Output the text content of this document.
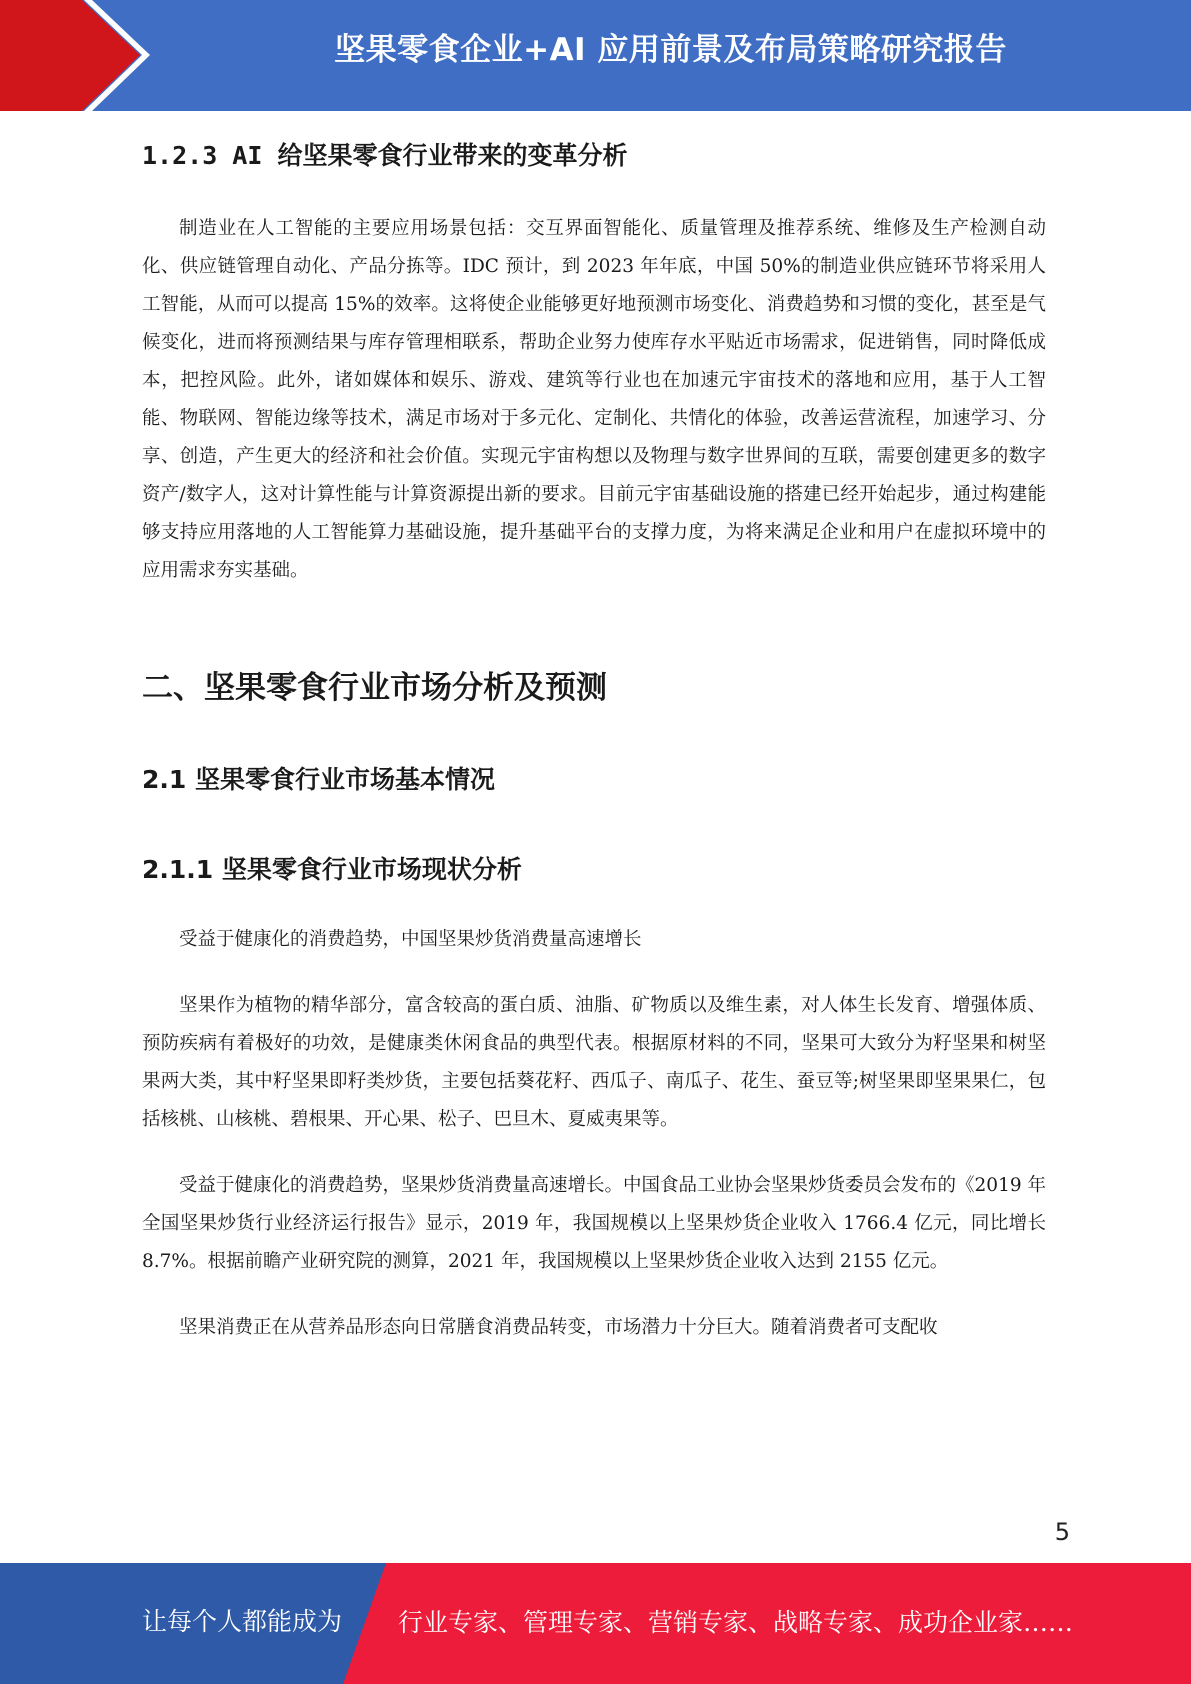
坚果零食企业+AI 应用前景及布局策略研究报告
1.2.3 AI 给坚果零食行业带来的变革分析

制造业在人工智能的主要应用场景包括：交互界面智能化、质量管理及推荐系统、维修及生产检测自动化、供应链管理自动化、产品分拣等。IDC 预计，到 2023 年年底，中国 50%的制造业供应链环节将采用人工智能，从而可以提高 15%的效率。这将使企业能够更好地预测市场变化、消费趋势和习惯的变化，甚至是气候变化，进而将预测结果与库存管理相联系，帮助企业努力使库存水平贴近市场需求，促进销售，同时降低成本，把控风险。此外，诸如媒体和娱乐、游戏、建筑等行业也在加速元宇宙技术的落地和应用，基于人工智能、物联网、智能边缘等技术，满足市场对于多元化、定制化、共情化的体验，改善运营流程，加速学习、分享、创造，产生更大的经济和社会价值。实现元宇宙构想以及物理与数字世界间的互联，需要创建更多的数字资产/数字人，这对计算性能与计算资源提出新的要求。目前元宇宙基础设施的搭建已经开始起步，通过构建能够支持应用落地的人工智能算力基础设施，提升基础平台的支撑力度，为将来满足企业和用户在虚拟环境中的应用需求夯实基础。

二、坚果零食行业市场分析及预测
2.1 坚果零食行业市场基本情况
2.1.1 坚果零食行业市场现状分析

受益于健康化的消费趋势，中国坚果炒货消费量高速增长

坚果作为植物的精华部分，富含较高的蛋白质、油脂、矿物质以及维生素，对人体生长发育、增强体质、预防疾病有着极好的功效，是健康类休闲食品的典型代表。根据原材料的不同，坚果可大致分为籽坚果和树坚果两大类，其中籽坚果即籽类炒货，主要包括葵花籽、西瓜子、南瓜子、花生、蚕豆等;树坚果即坚果果仁，包括核桃、山核桃、碧根果、开心果、松子、巴旦木、夏威夷果等。

受益于健康化的消费趋势，坚果炒货消费量高速增长。中国食品工业协会坚果炒货委员会发布的《2019 年全国坚果炒货行业经济运行报告》显示，2019 年，我国规模以上坚果炒货企业收入 1766.4 亿元，同比增长 8.7%。根据前瞻产业研究院的测算，2021 年，我国规模以上坚果炒货企业收入达到 2155 亿元。

坚果消费正在从营养品形态向日常膳食消费品转变，市场潜力十分巨大。随着消费者可支配收

5
让每个人都能成为 行业专家、管理专家、营销专家、战略专家、成功企业家……
